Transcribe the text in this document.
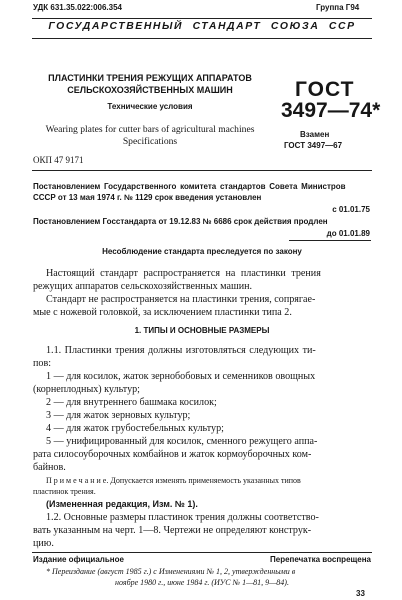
УДК 631.35.022:006.354	Группа Г94
ГОСУДАРСТВЕННЫЙ СТАНДАРТ СОЮЗА ССР
ПЛАСТИНКИ ТРЕНИЯ РЕЖУЩИХ АППАРАТОВ
СЕЛЬСКОХОЗЯЙСТВЕННЫХ МАШИН
Технические условия
Wearing plates for cutter bars of agricultural machines
Specifications
ГОСТ
3497—74*
Взамен
ГОСТ 3497—67
ОКП 47 9171
Постановлением Государственного комитета стандартов Совета Министров
СССР от 13 мая 1974 г. № 1129 срок введения установлен
с 01.01.75
Постановлением Госстандарта от 19.12.83 № 6686 срок действия продлен
до 01.01.89
Несоблюдение стандарта преследуется по закону
Настоящий стандарт распространяется на пластинки трения
режущих аппаратов сельскохозяйственных машин.
Стандарт не распространяется на пластинки трения, сопрягае-
мые с ножевой головкой, за исключением пластинки типа 2.
1. ТИПЫ И ОСНОВНЫЕ РАЗМЕРЫ
1.1. Пластинки трения должны изготовляться следующих ти-
пов:
1 — для косилок, жаток зернобобовых и семенников овощных
(корнеплодных) культур;
2 — для внутреннего башмака косилок;
3 — для жаток зерновых культур;
4 — для жаток грубостебельных культур;
5 — унифицированный для косилок, сменного режущего аппа-
рата силосоуборочных комбайнов и жаток кормоуборочных ком-
байнов.
П р и м е ч а н и е. Допускается изменять применяемость указанных типов
пластинок трения.
(Измененная редакция, Изм. № 1).
1.2. Основные размеры пластинок трения должны соответство-
вать указанным на черт. 1—8. Чертежи не определяют конструк-
цию.
Издание официальное	Перепечатка воспрещена
* Переиздание (август 1985 г.) с Изменениями № 1, 2, утвержденными в
ноябре 1980 г., июне 1984 г. (ИУС № 1—81, 9—84).
33
